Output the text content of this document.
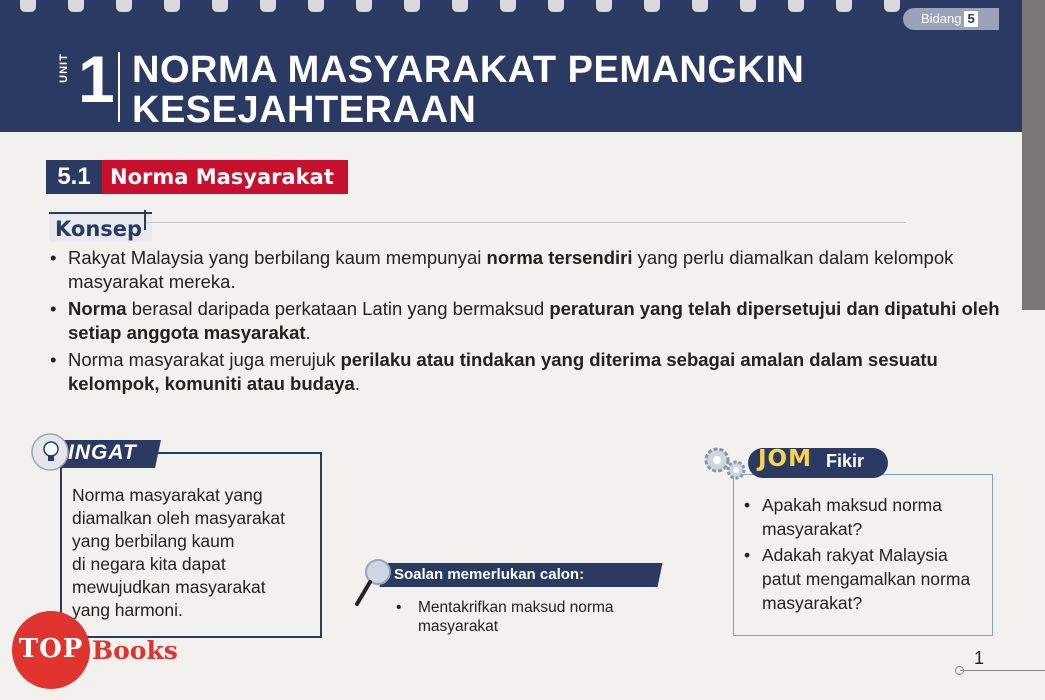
Bidang 5
UNIT 1 NORMA MASYARAKAT PEMANGKIN
KESEJAHTERAAN
5.1 Norma Masyarakat
Konsep
• Rakyat Malaysia yang berbilang kaum mempunyai norma tersendiri yang perlu diamalkan dalam kelompok masyarakat mereka.
• Norma berasal daripada perkataan Latin yang bermaksud peraturan yang telah dipersetujui dan dipatuhi oleh setiap anggota masyarakat.
• Norma masyarakat juga merujuk perilaku atau tindakan yang diterima sebagai amalan dalam sesuatu kelompok, komuniti atau budaya.
INGAT
Norma masyarakat yang
diamalkan oleh masyarakat
yang berbilang kaum
di negara kita dapat
mewujudkan masyarakat
yang harmoni.
Soalan memerlukan calon:
•	Mentakrifkan maksud norma
masyarakat
JOM Fikir
• Apakah maksud norma masyarakat?
• Adakah rakyat Malaysia patut mengamalkan norma masyarakat?
1
TOP Books
